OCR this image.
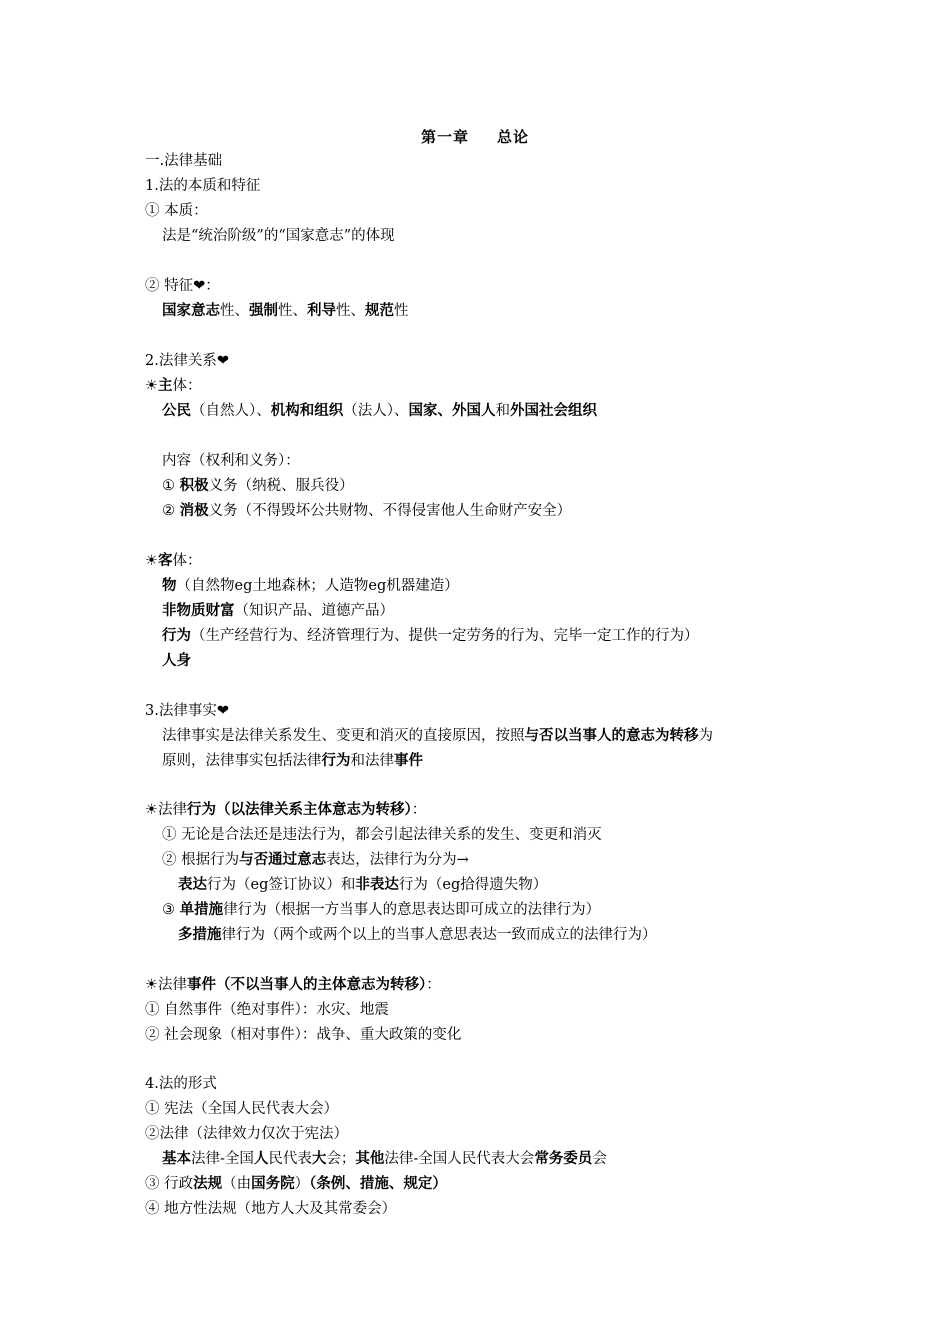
第一章 总论
一.法律基础
1.法的本质和特征
① 本质：
法是“统治阶级”的“国家意志”的体现
② 特征❤：
国家意志性、强制性、利导性、规范性
2.法律关系❤
☀主体：
公民（自然人）、机构和组织（法人）、国家、外国人和外国社会组织
内容（权利和义务）：
① 积极义务（纳税、服兵役）
② 消极义务（不得毁坏公共财物、不得侵害他人生命财产安全）
☀客体：
物（自然物eg土地森林；人造物eg机器建造）
非物质财富（知识产品、道德产品）
行为（生产经营行为、经济管理行为、提供一定劳务的行为、完毕一定工作的行为）
人身
3.法律事实❤
法律事实是法律关系发生、变更和消灭的直接原因，按照与否以当事人的意志为转移为
原则，法律事实包括法律行为和法律事件
☀法律行为（以法律关系主体意志为转移）：
① 无论是合法还是违法行为，都会引起法律关系的发生、变更和消灭
② 根据行为与否通过意志表达，法律行为分为→
表达行为（eg签订协议）和非表达行为（eg拾得遗失物）
③ 单措施律行为（根据一方当事人的意思表达即可成立的法律行为）
多措施律行为（两个或两个以上的当事人意思表达一致而成立的法律行为）
☀法律事件（不以当事人的主体意志为转移）：
① 自然事件（绝对事件）：水灾、地震
② 社会现象（相对事件）：战争、重大政策的变化
4.法的形式
① 宪法（全国人民代表大会）
②法律（法律效力仅次于宪法）
基本法律-全国人民代表大会；其他法律-全国人民代表大会常务委员会
③ 行政法规（由国务院）（条例、措施、规定）
④ 地方性法规（地方人大及其常委会）
